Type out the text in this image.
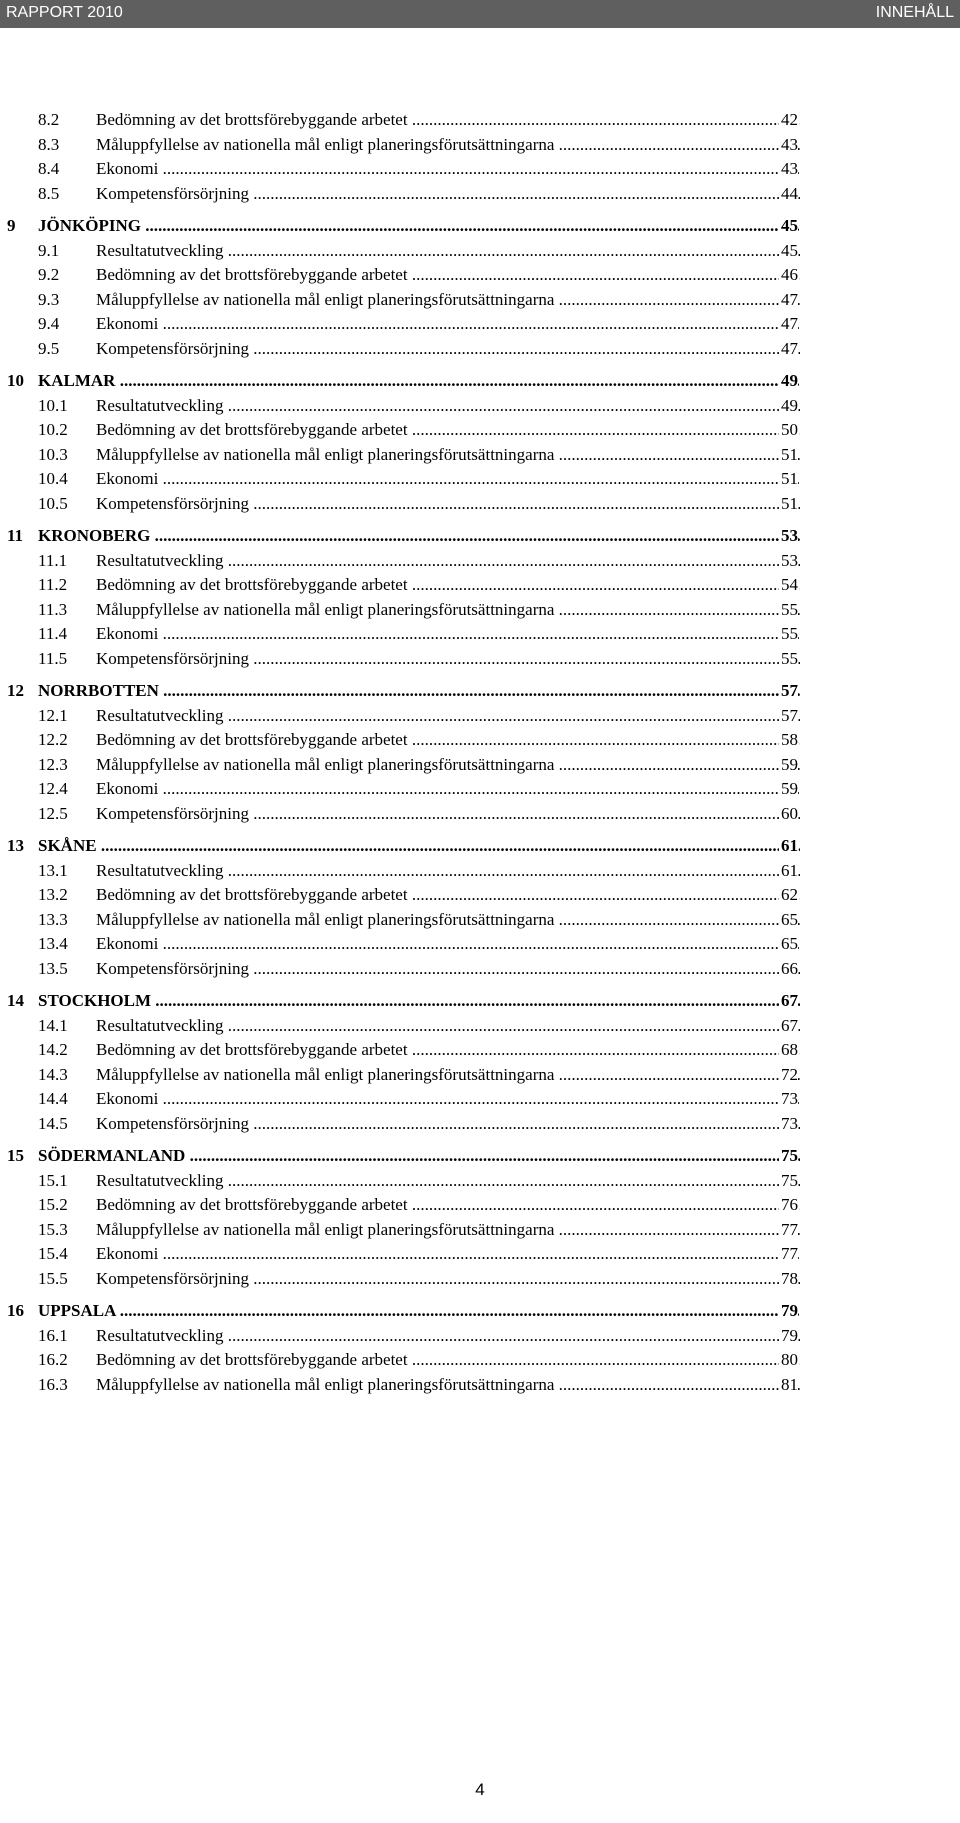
RAPPORT 2010	INNEHÅLL
8.2 Bedömning av det brottsförebyggande arbetet .....	42
8.3 Måluppfyllelse av nationella mål enligt planeringsförutsättningarna .....	43
8.4 Ekonomi .....	43
8.5 Kompetensförsörjning .....	44
9 JÖNKÖPING .....	45
9.1 Resultatutveckling .....	45
9.2 Bedömning av det brottsförebyggande arbetet .....	46
9.3 Måluppfyllelse av nationella mål enligt planeringsförutsättningarna .....	47
9.4 Ekonomi .....	47
9.5 Kompetensförsörjning .....	47
10 KALMAR .....	49
10.1 Resultatutveckling .....	49
10.2 Bedömning av det brottsförebyggande arbetet .....	50
10.3 Måluppfyllelse av nationella mål enligt planeringsförutsättningarna .....	51
10.4 Ekonomi .....	51
10.5 Kompetensförsörjning .....	51
11 KRONOBERG .....	53
11.1 Resultatutveckling .....	53
11.2 Bedömning av det brottsförebyggande arbetet .....	54
11.3 Måluppfyllelse av nationella mål enligt planeringsförutsättningarna .....	55
11.4 Ekonomi .....	55
11.5 Kompetensförsörjning .....	55
12 NORRBOTTEN .....	57
12.1 Resultatutveckling .....	57
12.2 Bedömning av det brottsförebyggande arbetet .....	58
12.3 Måluppfyllelse av nationella mål enligt planeringsförutsättningarna .....	59
12.4 Ekonomi .....	59
12.5 Kompetensförsörjning .....	60
13 SKÅNE .....	61
13.1 Resultatutveckling .....	61
13.2 Bedömning av det brottsförebyggande arbetet .....	62
13.3 Måluppfyllelse av nationella mål enligt planeringsförutsättningarna .....	65
13.4 Ekonomi .....	65
13.5 Kompetensförsörjning .....	66
14 STOCKHOLM .....	67
14.1 Resultatutveckling .....	67
14.2 Bedömning av det brottsförebyggande arbetet .....	68
14.3 Måluppfyllelse av nationella mål enligt planeringsförutsättningarna .....	72
14.4 Ekonomi .....	73
14.5 Kompetensförsörjning .....	73
15 SÖDERMANLAND .....	75
15.1 Resultatutveckling .....	75
15.2 Bedömning av det brottsförebyggande arbetet .....	76
15.3 Måluppfyllelse av nationella mål enligt planeringsförutsättningarna .....	77
15.4 Ekonomi .....	77
15.5 Kompetensförsörjning .....	78
16 UPPSALA .....	79
16.1 Resultatutveckling .....	79
16.2 Bedömning av det brottsförebyggande arbetet .....	80
16.3 Måluppfyllelse av nationella mål enligt planeringsförutsättningarna .....	81
4
